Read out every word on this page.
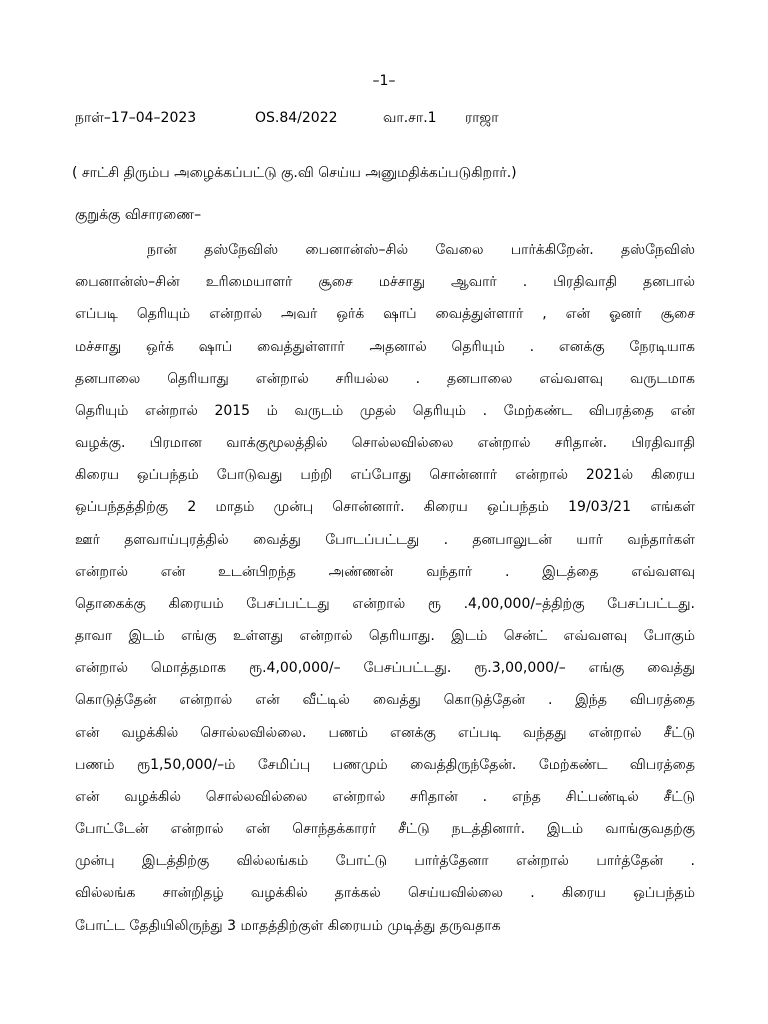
–1–
நாள்–17–04–2023	OS.84/2022	வா.சா.1 ராஜா
( சாட்சி திரும்ப அழைக்கப்பட்டு கு.வி செய்ய அனுமதிக்கப்படுகிறார்.)
குறுக்கு விசாரணை–
நான் தஸ்நேவிஸ் பைனான்ஸ்–சில் வேலை பார்க்கிறேன். தஸ்நேவிஸ்
பைனான்ஸ்–சின் உரிமையாளர் சூசை மச்சாது ஆவார் . பிரதிவாதி தனபால்
எப்படி தெரியும் என்றால் அவர் ஒர்க் ஷாப் வைத்துள்ளார் , என் ஓனர் சூசை
மச்சாது ஒர்க் ஷாப் வைத்துள்ளார் அதனால் தெரியும் . எனக்கு நேரடியாக
தனபாலை தெரியாது என்றால் சரியல்ல . தனபாலை எவ்வளவு வருடமாக
தெரியும் என்றால் 2015 ம் வருடம் முதல் தெரியும் . மேற்கண்ட விபரத்தை என்
வழக்கு. பிரமான வாக்குமூலத்தில் சொல்லவில்லை என்றால் சரிதான். பிரதிவாதி
கிரைய ஒப்பந்தம் போடுவது பற்றி எப்போது சொன்னார் என்றால் 2021ல் கிரைய
ஒப்பந்தத்திற்கு 2 மாதம் முன்பு சொன்னார். கிரைய ஒப்பந்தம் 19/03/21 எங்கள்
ஊர் தளவாய்புரத்தில் வைத்து போடப்பட்டது . தனபாலுடன் யார் வந்தார்கள்
என்றால் என் உடன்பிறந்த அண்ணன் வந்தார் . இடத்தை எவ்வளவு
தொகைக்கு கிரையம் பேசப்பட்டது என்றால் ரூ .4,00,000/–த்திற்கு பேசப்பட்டது.
தாவா இடம் எங்கு உள்ளது என்றால் தெரியாது. இடம் சென்ட் எவ்வளவு போகும்
என்றால் மொத்தமாக ரூ.4,00,000/– பேசப்பட்டது. ரூ.3,00,000/– எங்கு வைத்து
கொடுத்தேன் என்றால் என் வீட்டில் வைத்து கொடுத்தேன் . இந்த விபரத்தை
என் வழக்கில் சொல்லவில்லை. பணம் எனக்கு எப்படி வந்தது என்றால் சீட்டு
பணம் ரூ1,50,000/–ம் சேமிப்பு பணமும் வைத்திருந்தேன். மேற்கண்ட விபரத்தை
என் வழக்கில் சொல்லவில்லை என்றால் சரிதான் . எந்த சிட்பண்டில் சீட்டு
போட்டேன் என்றால் என் சொந்தக்காரர் சீட்டு நடத்தினார். இடம் வாங்குவதற்கு
முன்பு இடத்திற்கு வில்லங்கம் போட்டு பார்த்தேனா என்றால் பார்த்தேன் .
வில்லங்க சான்றிதழ் வழக்கில் தாக்கல் செய்யவில்லை . கிரைய ஒப்பந்தம்
போட்ட தேதியிலிருந்து 3 மாதத்திற்குள் கிரையம் முடித்து தருவதாக
